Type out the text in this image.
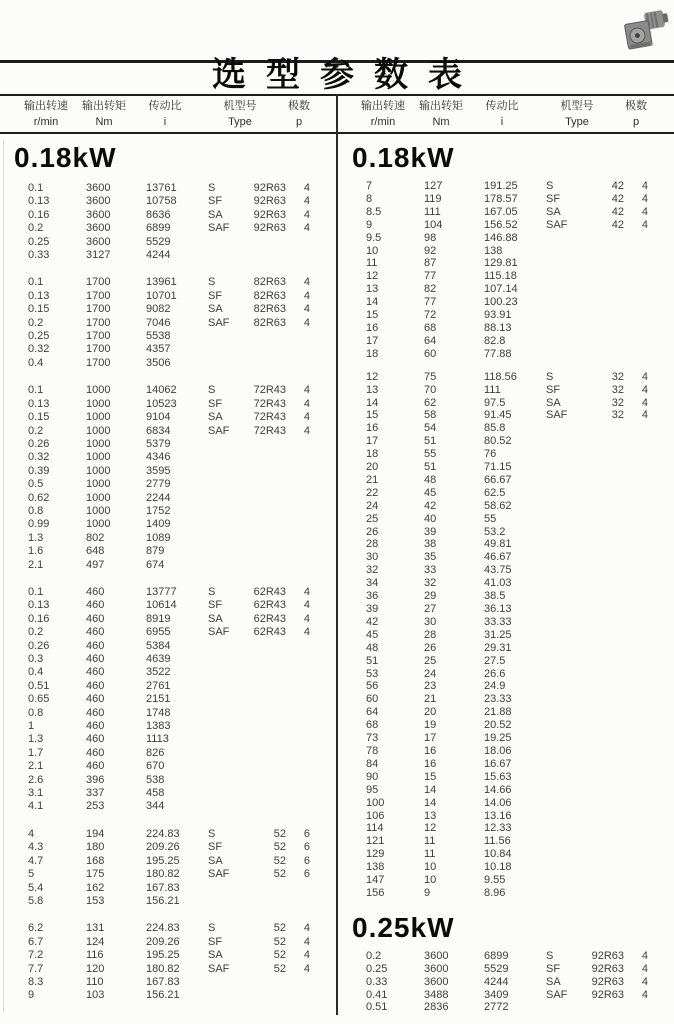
选型参数表
输出转速
r/min
输出转矩
Nm
传动比
i
机型号
Type
极数
p
输出转速
r/min
输出转矩
Nm
传动比
i
机型号
Type
极数
p
0.18kW
0.1	3600	13761	S	92R63	4
0.13	3600	10758	SF	92R63	4
0.16	3600	8636	SA	92R63	4
0.2	3600	6899	SAF	92R63	4
0.25	3600	5529
0.33	3127	4244
0.1	1700	13961	S	82R63	4
0.13	1700	10701	SF	82R63	4
0.15	1700	9082	SA	82R63	4
0.2	1700	7046	SAF	82R63	4
0.25	1700	5538
0.32	1700	4357
0.4	1700	3506
0.1	1000	14062	S	72R43	4
0.13	1000	10523	SF	72R43	4
0.15	1000	9104	SA	72R43	4
0.2	1000	6834	SAF	72R43	4
0.26	1000	5379
0.32	1000	4346
0.39	1000	3595
0.5	1000	2779
0.62	1000	2244
0.8	1000	1752
0.99	1000	1409
1.3	802	1089
1.6	648	879
2.1	497	674
0.1	460	13777	S	62R43	4
0.13	460	10614	SF	62R43	4
0.16	460	8919	SA	62R43	4
0.2	460	6955	SAF	62R43	4
0.26	460	5384
0.3	460	4639
0.4	460	3522
0.51	460	2761
0.65	460	2151
0.8	460	1748
1	460	1383
1.3	460	1113
1.7	460	826
2.1	460	670
2.6	396	538
3.1	337	458
4.1	253	344
4	194	224.83	S	52	6
4.3	180	209.26	SF	52	6
4.7	168	195.25	SA	52	6
5	175	180.82	SAF	52	6
5.4	162	167.83
5.8	153	156.21
6.2	131	224.83	S	52	4
6.7	124	209.26	SF	52	4
7.2	116	195.25	SA	52	4
7.7	120	180.82	SAF	52	4
8.3	110	167.83
9	103	156.21
0.18kW
7	127	191.25	S	42	4
8	119	178.57	SF	42	4
8.5	111	167.05	SA	42	4
9	104	156.52	SAF	42	4
9.5	98	146.88
10	92	138
11	87	129.81
12	77	115.18
13	82	107.14
14	77	100.23
15	72	93.91
16	68	88.13
17	64	82.8
18	60	77.88
12	75	118.56	S	32	4
13	70	111	SF	32	4
14	62	97.5	SA	32	4
15	58	91.45	SAF	32	4
16	54	85.8
17	51	80.52
18	55	76
20	51	71.15
21	48	66.67
22	45	62.5
24	42	58.62
25	40	55
26	39	53.2
28	38	49.81
30	35	46.67
32	33	43.75
34	32	41.03
36	29	38.5
39	27	36.13
42	30	33.33
45	28	31.25
48	26	29.31
51	25	27.5
53	24	26.6
56	23	24.9
60	21	23.33
64	20	21.88
68	19	20.52
73	17	19.25
78	16	18.06
84	16	16.67
90	15	15.63
95	14	14.66
100	14	14.06
106	13	13.16
114	12	12.33
121	11	11.56
129	11	10.84
138	10	10.18
147	10	9.55
156	9	8.96
0.25kW
0.2	3600	6899	S	92R63	4
0.25	3600	5529	SF	92R63	4
0.33	3600	4244	SA	92R63	4
0.41	3488	3409	SAF	92R63	4
0.51	2836	2772
